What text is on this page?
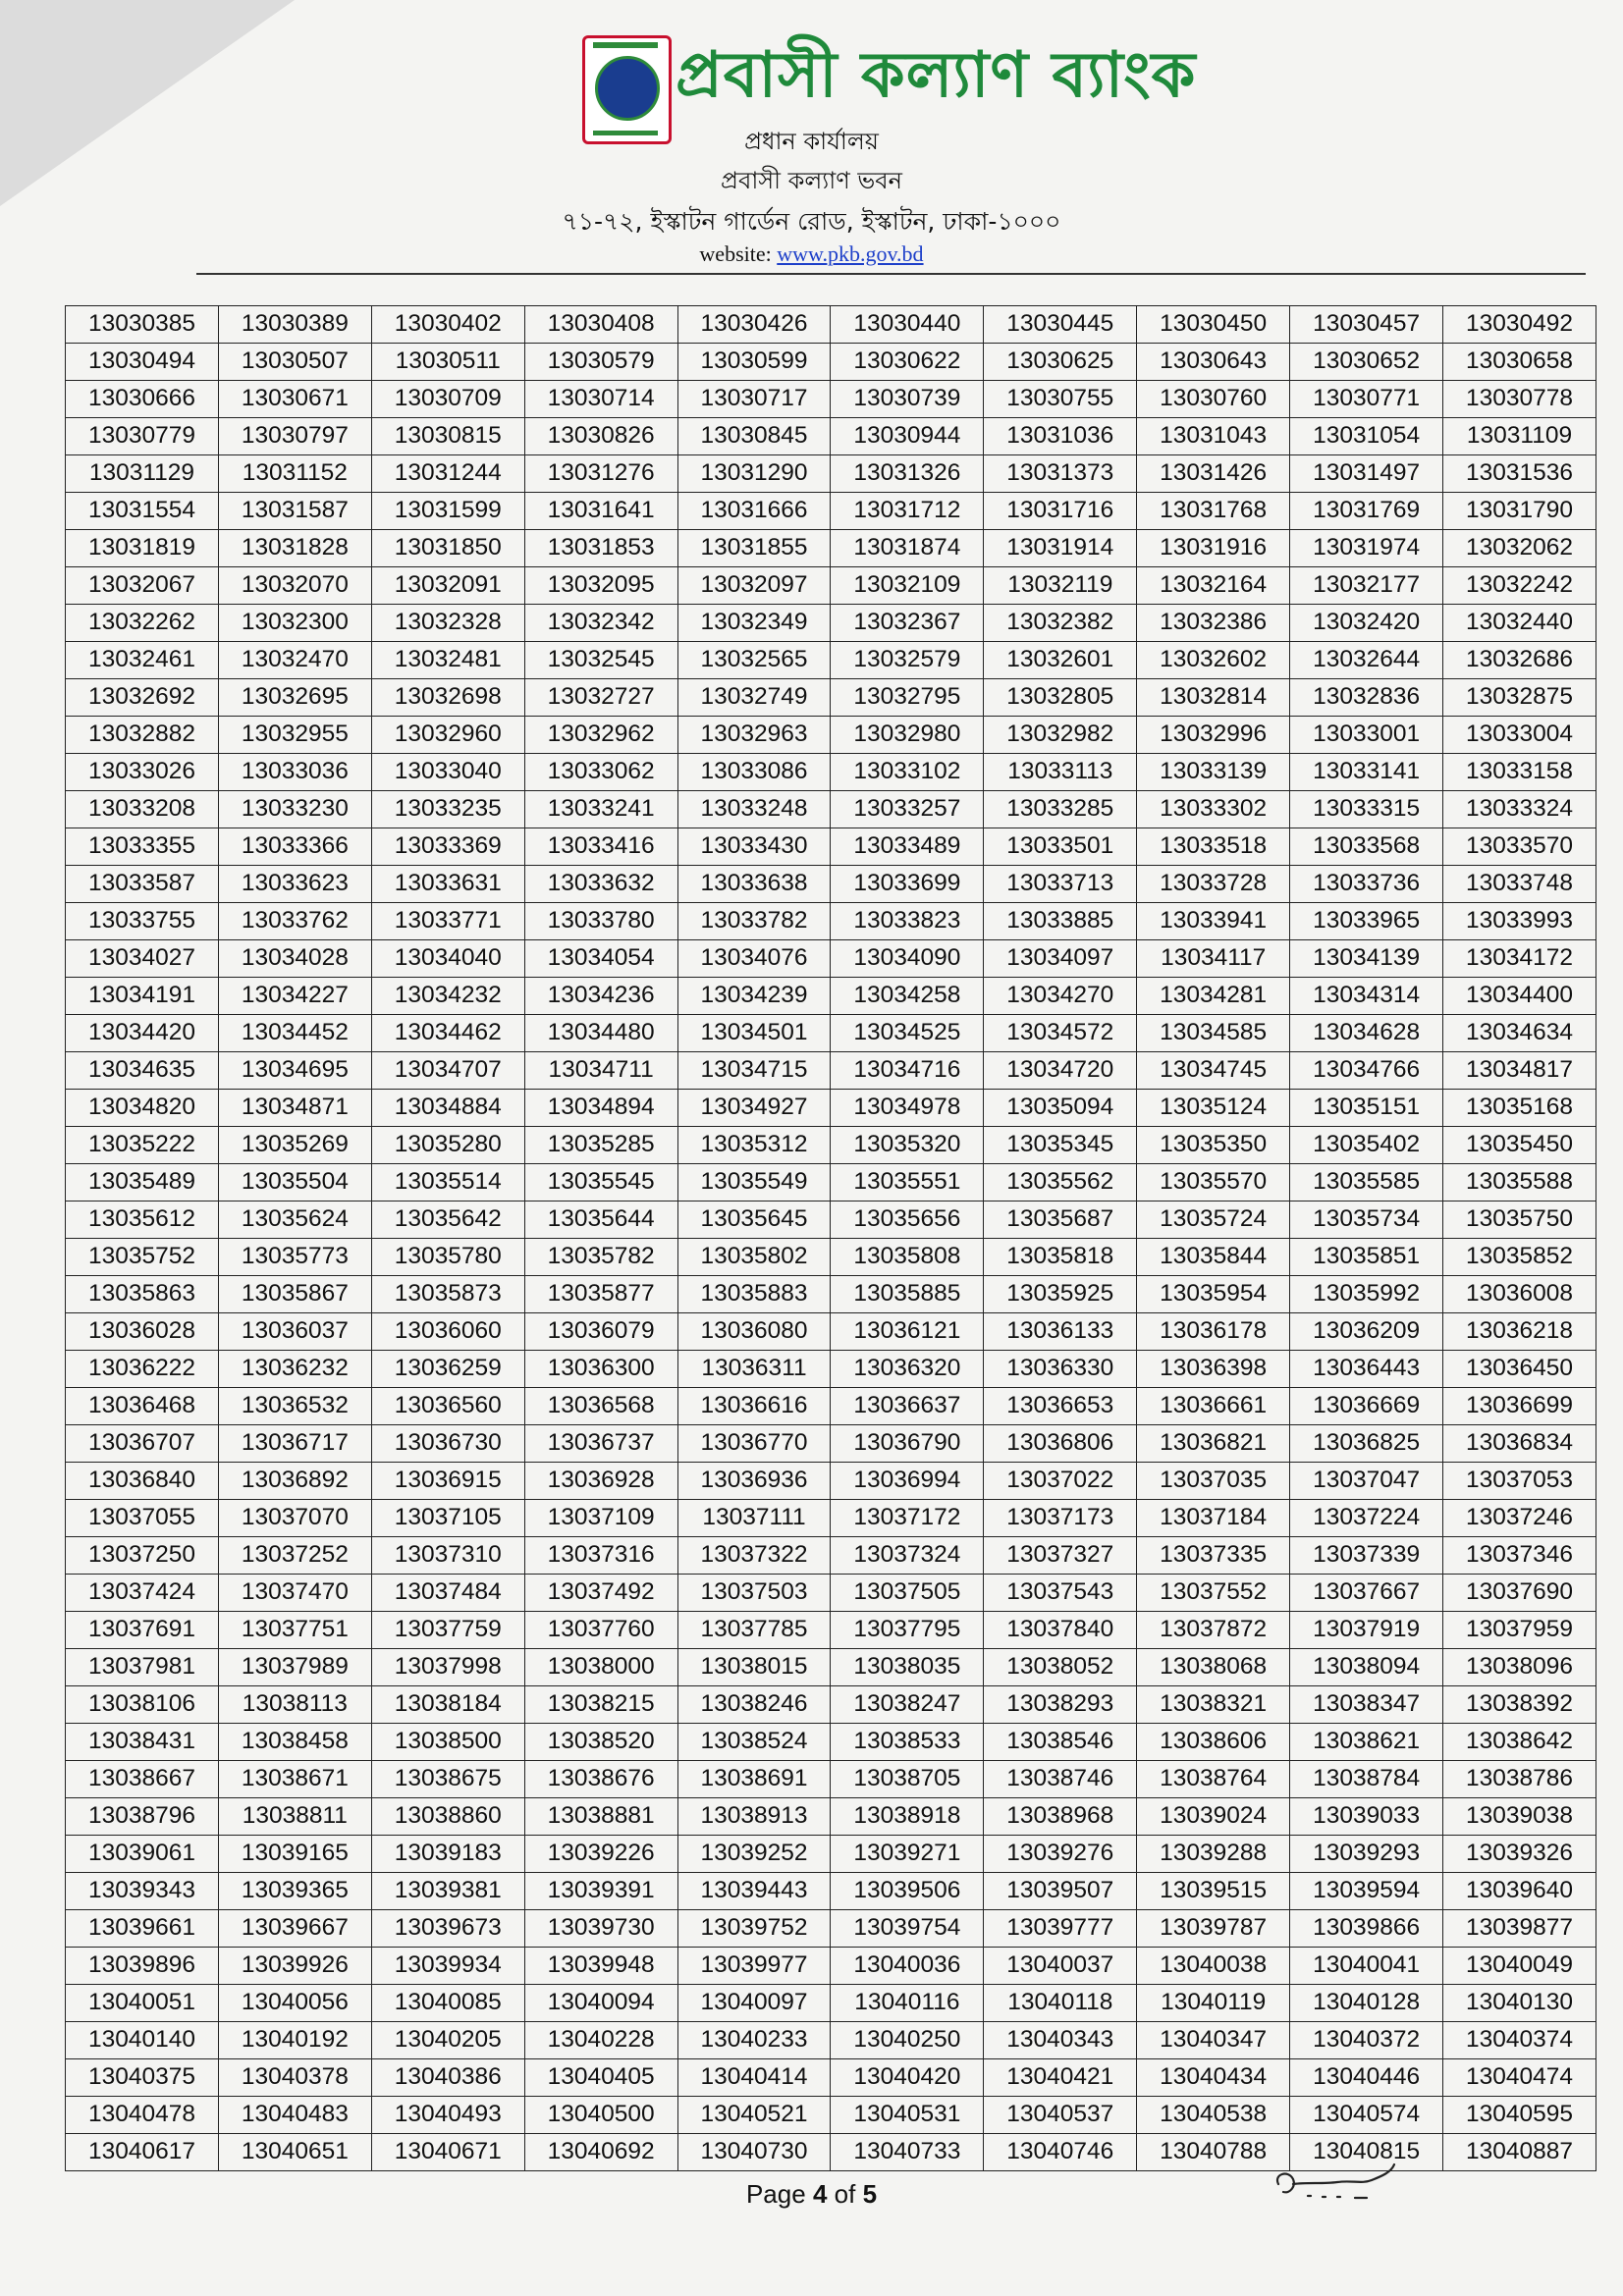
প্রবাসী কল্যাণ ব্যাংক
প্রধান কার্যালয়
প্রবাসী কল্যাণ ভবন
৭১-৭২, ইস্কাটন গার্ডেন রোড, ইস্কাটন, ঢাকা-১০০০
website: www.pkb.gov.bd
13030385	13030389	13030402	13030408	13030426	13030440	13030445	13030450	13030457	13030492
13030494	13030507	13030511	13030579	13030599	13030622	13030625	13030643	13030652	13030658
13030666	13030671	13030709	13030714	13030717	13030739	13030755	13030760	13030771	13030778
13030779	13030797	13030815	13030826	13030845	13030944	13031036	13031043	13031054	13031109
13031129	13031152	13031244	13031276	13031290	13031326	13031373	13031426	13031497	13031536
13031554	13031587	13031599	13031641	13031666	13031712	13031716	13031768	13031769	13031790
13031819	13031828	13031850	13031853	13031855	13031874	13031914	13031916	13031974	13032062
13032067	13032070	13032091	13032095	13032097	13032109	13032119	13032164	13032177	13032242
13032262	13032300	13032328	13032342	13032349	13032367	13032382	13032386	13032420	13032440
13032461	13032470	13032481	13032545	13032565	13032579	13032601	13032602	13032644	13032686
13032692	13032695	13032698	13032727	13032749	13032795	13032805	13032814	13032836	13032875
13032882	13032955	13032960	13032962	13032963	13032980	13032982	13032996	13033001	13033004
13033026	13033036	13033040	13033062	13033086	13033102	13033113	13033139	13033141	13033158
13033208	13033230	13033235	13033241	13033248	13033257	13033285	13033302	13033315	13033324
13033355	13033366	13033369	13033416	13033430	13033489	13033501	13033518	13033568	13033570
13033587	13033623	13033631	13033632	13033638	13033699	13033713	13033728	13033736	13033748
13033755	13033762	13033771	13033780	13033782	13033823	13033885	13033941	13033965	13033993
13034027	13034028	13034040	13034054	13034076	13034090	13034097	13034117	13034139	13034172
13034191	13034227	13034232	13034236	13034239	13034258	13034270	13034281	13034314	13034400
13034420	13034452	13034462	13034480	13034501	13034525	13034572	13034585	13034628	13034634
13034635	13034695	13034707	13034711	13034715	13034716	13034720	13034745	13034766	13034817
13034820	13034871	13034884	13034894	13034927	13034978	13035094	13035124	13035151	13035168
13035222	13035269	13035280	13035285	13035312	13035320	13035345	13035350	13035402	13035450
13035489	13035504	13035514	13035545	13035549	13035551	13035562	13035570	13035585	13035588
13035612	13035624	13035642	13035644	13035645	13035656	13035687	13035724	13035734	13035750
13035752	13035773	13035780	13035782	13035802	13035808	13035818	13035844	13035851	13035852
13035863	13035867	13035873	13035877	13035883	13035885	13035925	13035954	13035992	13036008
13036028	13036037	13036060	13036079	13036080	13036121	13036133	13036178	13036209	13036218
13036222	13036232	13036259	13036300	13036311	13036320	13036330	13036398	13036443	13036450
13036468	13036532	13036560	13036568	13036616	13036637	13036653	13036661	13036669	13036699
13036707	13036717	13036730	13036737	13036770	13036790	13036806	13036821	13036825	13036834
13036840	13036892	13036915	13036928	13036936	13036994	13037022	13037035	13037047	13037053
13037055	13037070	13037105	13037109	13037111	13037172	13037173	13037184	13037224	13037246
13037250	13037252	13037310	13037316	13037322	13037324	13037327	13037335	13037339	13037346
13037424	13037470	13037484	13037492	13037503	13037505	13037543	13037552	13037667	13037690
13037691	13037751	13037759	13037760	13037785	13037795	13037840	13037872	13037919	13037959
13037981	13037989	13037998	13038000	13038015	13038035	13038052	13038068	13038094	13038096
13038106	13038113	13038184	13038215	13038246	13038247	13038293	13038321	13038347	13038392
13038431	13038458	13038500	13038520	13038524	13038533	13038546	13038606	13038621	13038642
13038667	13038671	13038675	13038676	13038691	13038705	13038746	13038764	13038784	13038786
13038796	13038811	13038860	13038881	13038913	13038918	13038968	13039024	13039033	13039038
13039061	13039165	13039183	13039226	13039252	13039271	13039276	13039288	13039293	13039326
13039343	13039365	13039381	13039391	13039443	13039506	13039507	13039515	13039594	13039640
13039661	13039667	13039673	13039730	13039752	13039754	13039777	13039787	13039866	13039877
13039896	13039926	13039934	13039948	13039977	13040036	13040037	13040038	13040041	13040049
13040051	13040056	13040085	13040094	13040097	13040116	13040118	13040119	13040128	13040130
13040140	13040192	13040205	13040228	13040233	13040250	13040343	13040347	13040372	13040374
13040375	13040378	13040386	13040405	13040414	13040420	13040421	13040434	13040446	13040474
13040478	13040483	13040493	13040500	13040521	13040531	13040537	13040538	13040574	13040595
13040617	13040651	13040671	13040692	13040730	13040733	13040746	13040788	13040815	13040887
Page 4 of 5
